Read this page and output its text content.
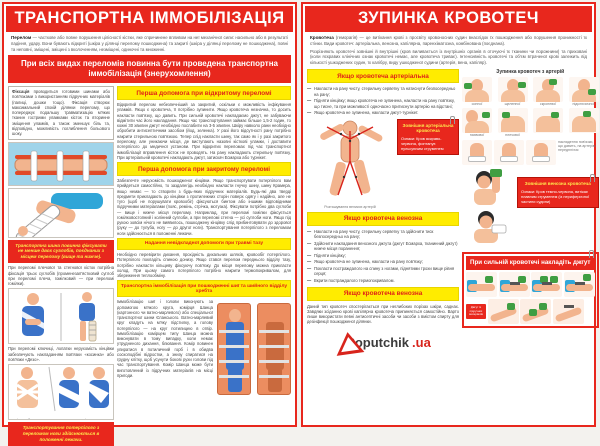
ТРАНСПОРТНА ІММОБІЛІЗАЦІЯ

Перелом — часткове або повне порушення цілісності кістки, яке спричинене впливом на неї механічної сили: насильно або в результаті падіння, удару. Вони бувають відкриті (шкіра у ділянці перелому пошкоджена) та закриті (шкіра у ділянці перелому не пошкоджена), повні та неповні, зміщені, зміщені з вколоченням, незміщені, одиночні та множинні.

При всіх видах переломів повинна бути проведена транспортна іммобілізація (знерухомлення)
Фіксація проводиться готовими шинами або пов'язками з використанням підручних матеріалів (палиці, дошки тощо). Фіксація створює максимальний спокій ділянки перелому, що попереджує подальшу травматизацію м'яких тканин гострими уламками кісток та вторинне зміщення уламків, а також зменшує біль та, відповідно, можливість поглиблення больового шоку.
Транспортна шина повинна фіксувати не менше двох суглобів, поєднаних з місцем перелому (вище та нижче).
При переломі плечової та стегнової кісток потрібна фіксація трьох суглобів (променезап'ястковий суглоб при переломі плеча, гомілковий — при переломі гомілки).
При переломі ключиці, лопатки нерухомість кінцівки забезпечують накладанням пов'язки «косинка» або пов'язки «Дезо».
пов'язка «Дезо»	пов'язка «косинка»
Транспортування потерпілого з переломом ноги здійснюється в положенні лежачи.
Перша допомога при відкритому переломі
Відкритий перелом небезпечніший за закритий, оскільки є можливість інфікування уламків. Якщо є кровотеча, її потрібно зупинити. Якщо кровотеча незначна, то досить накласти пов'язку, що давить. При сильній кровотечі накладаємо джгут, не забуваючи відмітити час його накладання. Якщо час транспортування займає більше 1,5-2 годин, то кожні 30 хвилин джгут необхідно послабити на 3-5 хвилин. Шкіру навколо рани необхідно обробити антисептичним засобом (йод, зеленка). У разі його відсутності рану потрібно накрити стерильною пов'язкою. Тепер слід накласти шину, так само як і у разі закритого перелому, але уникаючи місця, де виступають назовні кісткові уламки, і доставити потерпілого до медичної установи. При відкритих переломах під час транспортної іммобілізації вправлення кісток не проводять. На рану накладають стерильну пов'язку. При артеріальній кровотечі накладають джгут, затискач Есмарха або турнікет.
Перша допомога при закритому переломі
Забезпечте нерухомість пошкодженої кінцівки. Якщо транспортувати потерпілого вам прийдеться самостійно, то заздалегідь необхідно накласти гнучку шину, шину Крамера, якщо немає — то створити з будь-яких підручних матеріалів. Будь-які два тверді предмети прикладають до кінцівки з протилежних сторін поверх одягу і надійно, але не туго (щоб не порушувати кровообіг) фіксуються бинтом або іншими відповідними підручними матеріалами (пояс, ремінь, стрічка, мотузка). Фіксувати потрібно два суглоби — вище і нижче місця перелому. Наприклад, при переломі гомілки фіксується гомілковостопний і колінний суглоби, а при переломі стегна — усі суглоби ноги. Якщо під рукою зовсім нічого не виявилось, пошкоджену кінцівку слід прибинтовувати до здорової (руку — до тулуба, ногу — до другої ноги). Транспортування потерпілого з переломом ноги здійснюється в положенні лежачи.
Надання невідкладної допомоги при травмі тазу
Необхідно перевірити дихання, прохідність дихальних шляхів, кровообіг потерпілого. Потерпілого покладіть спиною донизу. Якщо стався перелом переднього відділу тазу, потрібно накласти кільцеву фіксуючу пов'язку. До місця перелому можна прикласти холод. При цьому самого потерпілого потрібно накрити термопокривалом, для збереження теплообміну.
Транспортна іммобілізація при пошкодженні шиї та шийного відділу хребта
Іммобілізацію шиї і голови виконують за допомогою м'якого круга, комірця Шанца (картонного чи ватно-марлевого) або спеціальної транспортної шини Єланського. Ватно-марлевий круг кладуть на м'яку підстилку, а голову потерпілого — на круг потилицею в отвір. Іммобілізацію комірцем типу Шанца можна виконувати в тому випадку, коли немає утрудненого дихання, блювання. Комір повинен упиратися в потиличний горб і в обидва соскоподібні відростки, а знизу спиратися на грудну клітку, щоб усунути бокові рухи голови під час транспортування. Комір Шанца може бути виготовлений із підручних матеріалів на місці пригоди.
ЗУПИНКА КРОВОТЕЧ

Кровотеча (геморагія) — це витікання крові з просвіту кровоносних судин внаслідок їх пошкодження або порушення проникності їх стінки. Види кровотеч: артеріальна, венозна, капілярна, паренхіматозна, комбінована (поєднана).

Розрізняють кровотечі зовнішні й внутрішні (кров виливається із внутрішніх органів в оточуючі їх тканини чи порожнини) та приховані (коли яскравих клінічних ознак кровотечі немає, але кровотеча триває). Інтенсивність кровотечі та об'єм втраченої крові залежить від кількості ушкоджених судин, їх калібру, виду ушкодженої судини (артерія, вена, капіляр).

Якщо кровотеча артеріальна
— Накласти на рану чисту, стерильну серветку та натиснути безпосередньо на рану;
— Підняти кінцівку; якщо кровотеча не зупинена, накласти на рану пов'язку, що тисне, та при можливості одночасно притиснути артерію на відстані;
— Якщо кровотеча не зупинена, накласти джгут-турнікет.
Розташування великих артерій
Зовнішня артеріальна кровотеча
Ознаки: Кров яскраво-червона, фонтанує пульсуючим струменем
Якщо кровотеча венозна
— Накласти на рану чисту, стерильну серветку та здійснити тиск безпосередньо на рану;
— Здійснити накладання венозного джгута (джгут Есмарха, тканинний джгут) нижче місця поранення;
— Підняти кінцівку;
— Якщо кровотеча не зупинена, накласти на рану пов'язку;
— Покласти постраждалого на спину з ногами, піднятими трохи вище рівня серця;
— Вкрити постраждалого термопокривалом.
Якщо кровотеча венозна
Даний тип кровотеч спостерігається при неглибоких порізах шкіри, саднах. Завдяки зсіданню крові капілярна кровотеча припиняється самостійно. Варто лише використати певні антисептичні засоби чи засоби з вмістом спирту для дезінфекції пошкодженої ділянки.
Poputchik .ua
Зупинка кровотеч з артерій
сонної	щелепної	скроневої	підключичної
пахвової	плечової
накладення пов'язки, що давить, на артерію передпліччя
Зовнішня венозна кровотеча
Ознаки: Кров темно-червона, витікає плавним струменем (із периферичної частини судини)
При сильній кровотечі накладіть джгут
Джгут із підручних матеріалів
